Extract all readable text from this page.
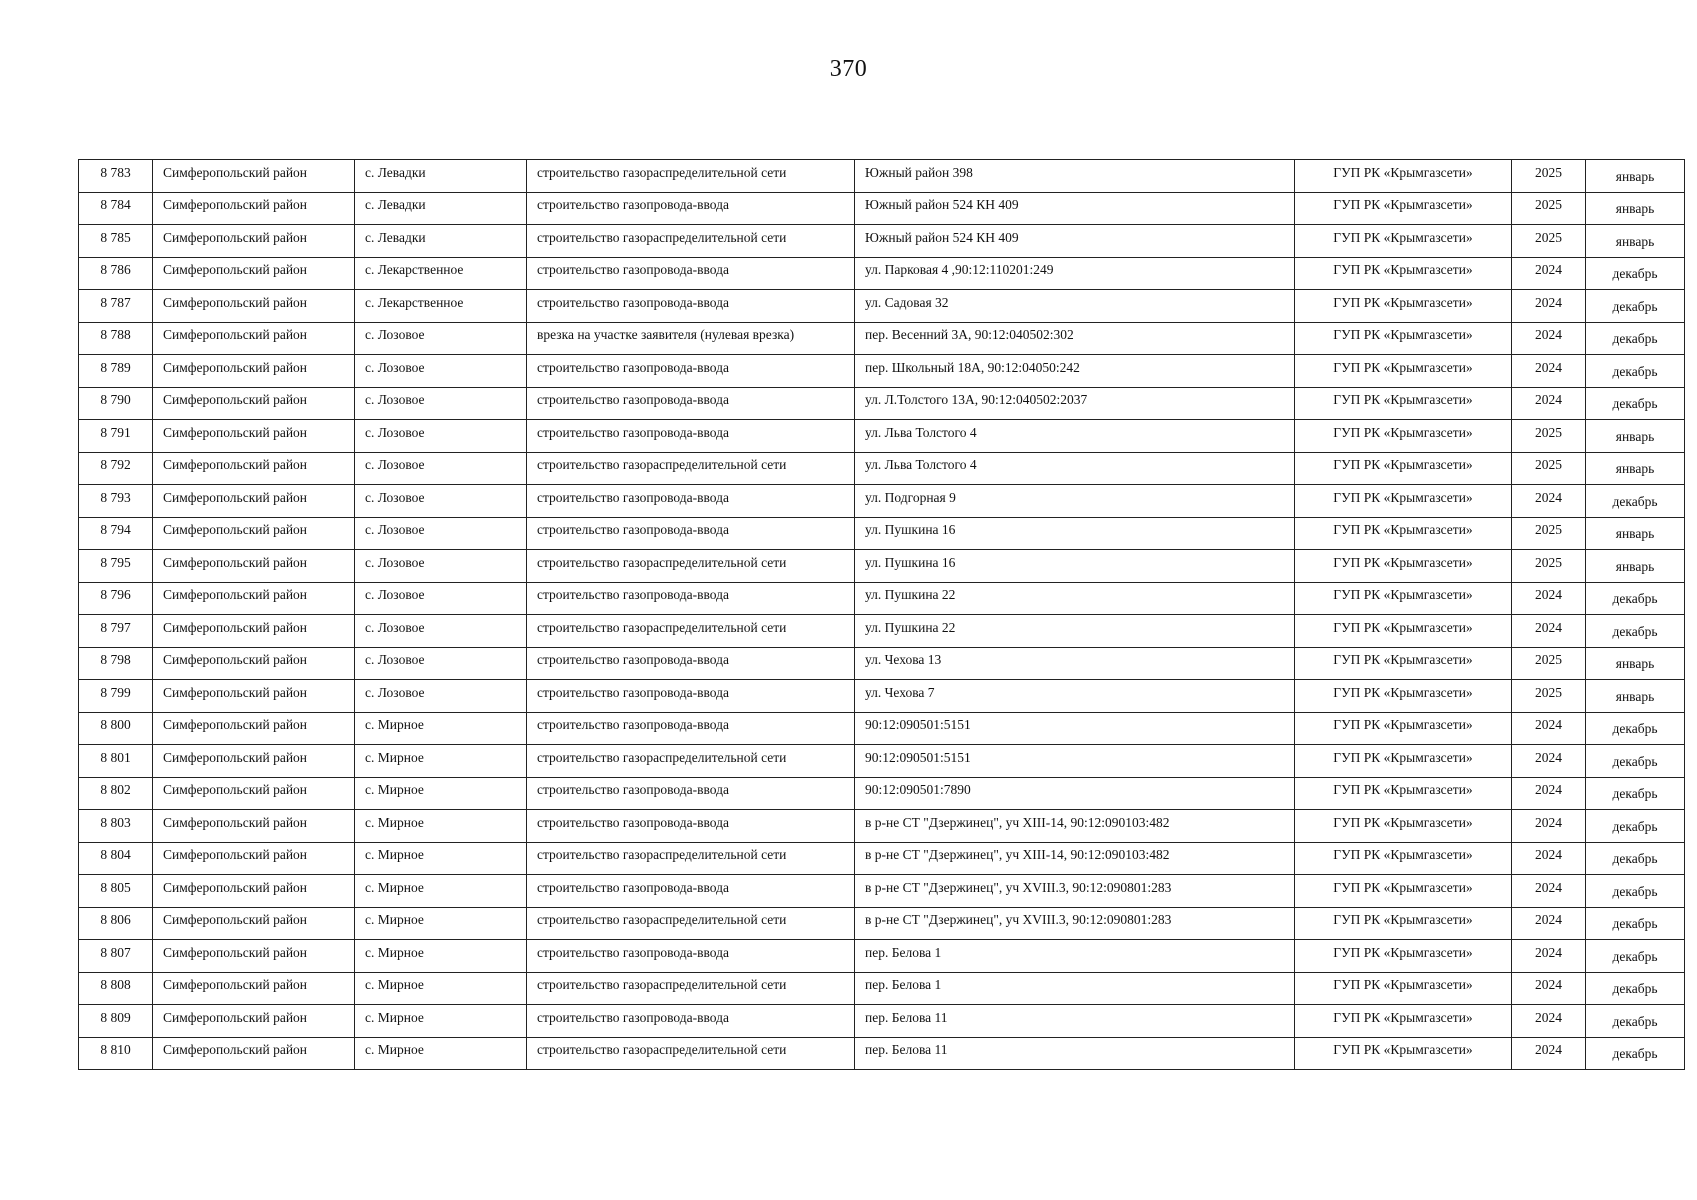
370
8 783	Симферопольский район	с. Левадки	строительство газораспределительной сети	Южный район 398	ГУП РК «Крымгазсети»	2025	январь
8 784	Симферопольский район	с. Левадки	строительство газопровода-ввода	Южный район 524 КН 409	ГУП РК «Крымгазсети»	2025	январь
8 785	Симферопольский район	с. Левадки	строительство газораспределительной сети	Южный район 524 КН 409	ГУП РК «Крымгазсети»	2025	январь
8 786	Симферопольский район	с. Лекарственное	строительство газопровода-ввода	ул. Парковая 4 ,90:12:110201:249	ГУП РК «Крымгазсети»	2024	декабрь
8 787	Симферопольский район	с. Лекарственное	строительство газопровода-ввода	ул. Садовая 32	ГУП РК «Крымгазсети»	2024	декабрь
8 788	Симферопольский район	с. Лозовое	врезка на участке заявителя (нулевая врезка)	пер. Весенний 3А, 90:12:040502:302	ГУП РК «Крымгазсети»	2024	декабрь
8 789	Симферопольский район	с. Лозовое	строительство газопровода-ввода	пер. Школьный 18А, 90:12:04050:242	ГУП РК «Крымгазсети»	2024	декабрь
8 790	Симферопольский район	с. Лозовое	строительство газопровода-ввода	ул. Л.Толстого 13А, 90:12:040502:2037	ГУП РК «Крымгазсети»	2024	декабрь
8 791	Симферопольский район	с. Лозовое	строительство газопровода-ввода	ул. Льва Толстого 4	ГУП РК «Крымгазсети»	2025	январь
8 792	Симферопольский район	с. Лозовое	строительство газораспределительной сети	ул. Льва Толстого 4	ГУП РК «Крымгазсети»	2025	январь
8 793	Симферопольский район	с. Лозовое	строительство газопровода-ввода	ул. Подгорная 9	ГУП РК «Крымгазсети»	2024	декабрь
8 794	Симферопольский район	с. Лозовое	строительство газопровода-ввода	ул. Пушкина 16	ГУП РК «Крымгазсети»	2025	январь
8 795	Симферопольский район	с. Лозовое	строительство газораспределительной сети	ул. Пушкина 16	ГУП РК «Крымгазсети»	2025	январь
8 796	Симферопольский район	с. Лозовое	строительство газопровода-ввода	ул. Пушкина 22	ГУП РК «Крымгазсети»	2024	декабрь
8 797	Симферопольский район	с. Лозовое	строительство газораспределительной сети	ул. Пушкина 22	ГУП РК «Крымгазсети»	2024	декабрь
8 798	Симферопольский район	с. Лозовое	строительство газопровода-ввода	ул. Чехова 13	ГУП РК «Крымгазсети»	2025	январь
8 799	Симферопольский район	с. Лозовое	строительство газопровода-ввода	ул. Чехова 7	ГУП РК «Крымгазсети»	2025	январь
8 800	Симферопольский район	с. Мирное	строительство газопровода-ввода	90:12:090501:5151	ГУП РК «Крымгазсети»	2024	декабрь
8 801	Симферопольский район	с. Мирное	строительство газораспределительной сети	90:12:090501:5151	ГУП РК «Крымгазсети»	2024	декабрь
8 802	Симферопольский район	с. Мирное	строительство газопровода-ввода	90:12:090501:7890	ГУП РК «Крымгазсети»	2024	декабрь
8 803	Симферопольский район	с. Мирное	строительство газопровода-ввода	в р-не СТ "Дзержинец", уч XIII-14, 90:12:090103:482	ГУП РК «Крымгазсети»	2024	декабрь
8 804	Симферопольский район	с. Мирное	строительство газораспределительной сети	в р-не СТ "Дзержинец", уч XIII-14, 90:12:090103:482	ГУП РК «Крымгазсети»	2024	декабрь
8 805	Симферопольский район	с. Мирное	строительство газопровода-ввода	в р-не СТ "Дзержинец", уч XVIII.3, 90:12:090801:283	ГУП РК «Крымгазсети»	2024	декабрь
8 806	Симферопольский район	с. Мирное	строительство газораспределительной сети	в р-не СТ "Дзержинец", уч XVIII.3, 90:12:090801:283	ГУП РК «Крымгазсети»	2024	декабрь
8 807	Симферопольский район	с. Мирное	строительство газопровода-ввода	пер. Белова 1	ГУП РК «Крымгазсети»	2024	декабрь
8 808	Симферопольский район	с. Мирное	строительство газораспределительной сети	пер. Белова 1	ГУП РК «Крымгазсети»	2024	декабрь
8 809	Симферопольский район	с. Мирное	строительство газопровода-ввода	пер. Белова 11	ГУП РК «Крымгазсети»	2024	декабрь
8 810	Симферопольский район	с. Мирное	строительство газораспределительной сети	пер. Белова 11	ГУП РК «Крымгазсети»	2024	декабрь
